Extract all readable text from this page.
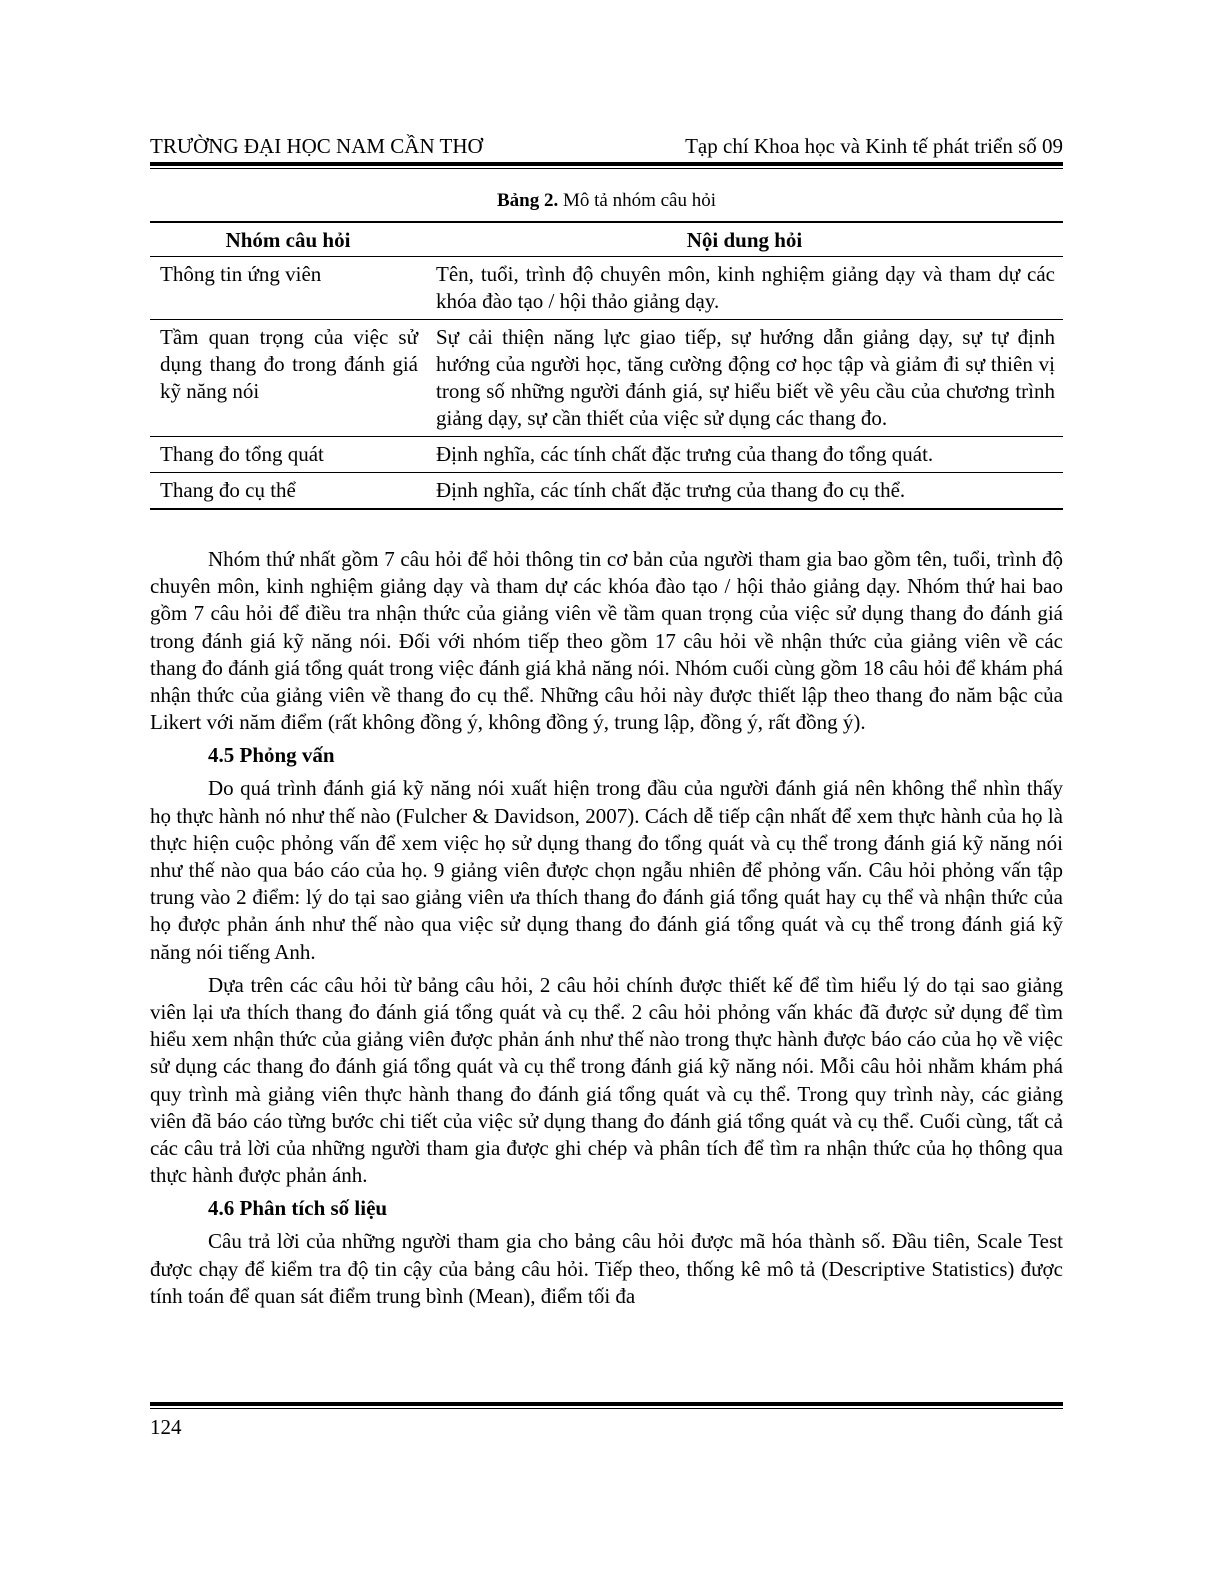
TRƯỜNG ĐẠI HỌC NAM CẦN THƠ	Tạp chí Khoa học và Kinh tế phát triển số 09
Bảng 2. Mô tả nhóm câu hỏi
Nhóm câu hỏi	Nội dung hỏi
Thông tin ứng viên	Tên, tuổi, trình độ chuyên môn, kinh nghiệm giảng dạy và tham dự các khóa đào tạo / hội thảo giảng dạy.
Tầm quan trọng của việc sử dụng thang đo trong đánh giá kỹ năng nói	Sự cải thiện năng lực giao tiếp, sự hướng dẫn giảng dạy, sự tự định hướng của người học, tăng cường động cơ học tập và giảm đi sự thiên vị trong số những người đánh giá, sự hiểu biết về yêu cầu của chương trình giảng dạy, sự cần thiết của việc sử dụng các thang đo.
Thang đo tổng quát	Định nghĩa, các tính chất đặc trưng của thang đo tổng quát.
Thang đo cụ thể	Định nghĩa, các tính chất đặc trưng của thang đo cụ thể.

Nhóm thứ nhất gồm 7 câu hỏi để hỏi thông tin cơ bản của người tham gia bao gồm tên, tuổi, trình độ chuyên môn, kinh nghiệm giảng dạy và tham dự các khóa đào tạo / hội thảo giảng dạy. Nhóm thứ hai bao gồm 7 câu hỏi để điều tra nhận thức của giảng viên về tầm quan trọng của việc sử dụng thang đo đánh giá trong đánh giá kỹ năng nói. Đối với nhóm tiếp theo gồm 17 câu hỏi về nhận thức của giảng viên về các thang đo đánh giá tổng quát trong việc đánh giá khả năng nói. Nhóm cuối cùng gồm 18 câu hỏi để khám phá nhận thức của giảng viên về thang đo cụ thể. Những câu hỏi này được thiết lập theo thang đo năm bậc của Likert với năm điểm (rất không đồng ý, không đồng ý, trung lập, đồng ý, rất đồng ý).

4.5 Phỏng vấn

Do quá trình đánh giá kỹ năng nói xuất hiện trong đầu của người đánh giá nên không thể nhìn thấy họ thực hành nó như thế nào (Fulcher & Davidson, 2007). Cách dễ tiếp cận nhất để xem thực hành của họ là thực hiện cuộc phỏng vấn để xem việc họ sử dụng thang đo tổng quát và cụ thể trong đánh giá kỹ năng nói như thế nào qua báo cáo của họ. 9 giảng viên được chọn ngẫu nhiên để phỏng vấn. Câu hỏi phỏng vấn tập trung vào 2 điểm: lý do tại sao giảng viên ưa thích thang đo đánh giá tổng quát hay cụ thể và nhận thức của họ được phản ánh như thế nào qua việc sử dụng thang đo đánh giá tổng quát và cụ thể trong đánh giá kỹ năng nói tiếng Anh.

Dựa trên các câu hỏi từ bảng câu hỏi, 2 câu hỏi chính được thiết kế để tìm hiểu lý do tại sao giảng viên lại ưa thích thang đo đánh giá tổng quát và cụ thể. 2 câu hỏi phỏng vấn khác đã được sử dụng để tìm hiểu xem nhận thức của giảng viên được phản ánh như thế nào trong thực hành được báo cáo của họ về việc sử dụng các thang đo đánh giá tổng quát và cụ thể trong đánh giá kỹ năng nói. Mỗi câu hỏi nhằm khám phá quy trình mà giảng viên thực hành thang đo đánh giá tổng quát và cụ thể. Trong quy trình này, các giảng viên đã báo cáo từng bước chi tiết của việc sử dụng thang đo đánh giá tổng quát và cụ thể. Cuối cùng, tất cả các câu trả lời của những người tham gia được ghi chép và phân tích để tìm ra nhận thức của họ thông qua thực hành được phản ánh.

4.6 Phân tích số liệu

Câu trả lời của những người tham gia cho bảng câu hỏi được mã hóa thành số. Đầu tiên, Scale Test được chạy để kiểm tra độ tin cậy của bảng câu hỏi. Tiếp theo, thống kê mô tả (Descriptive Statistics) được tính toán để quan sát điểm trung bình (Mean), điểm tối đa

124
